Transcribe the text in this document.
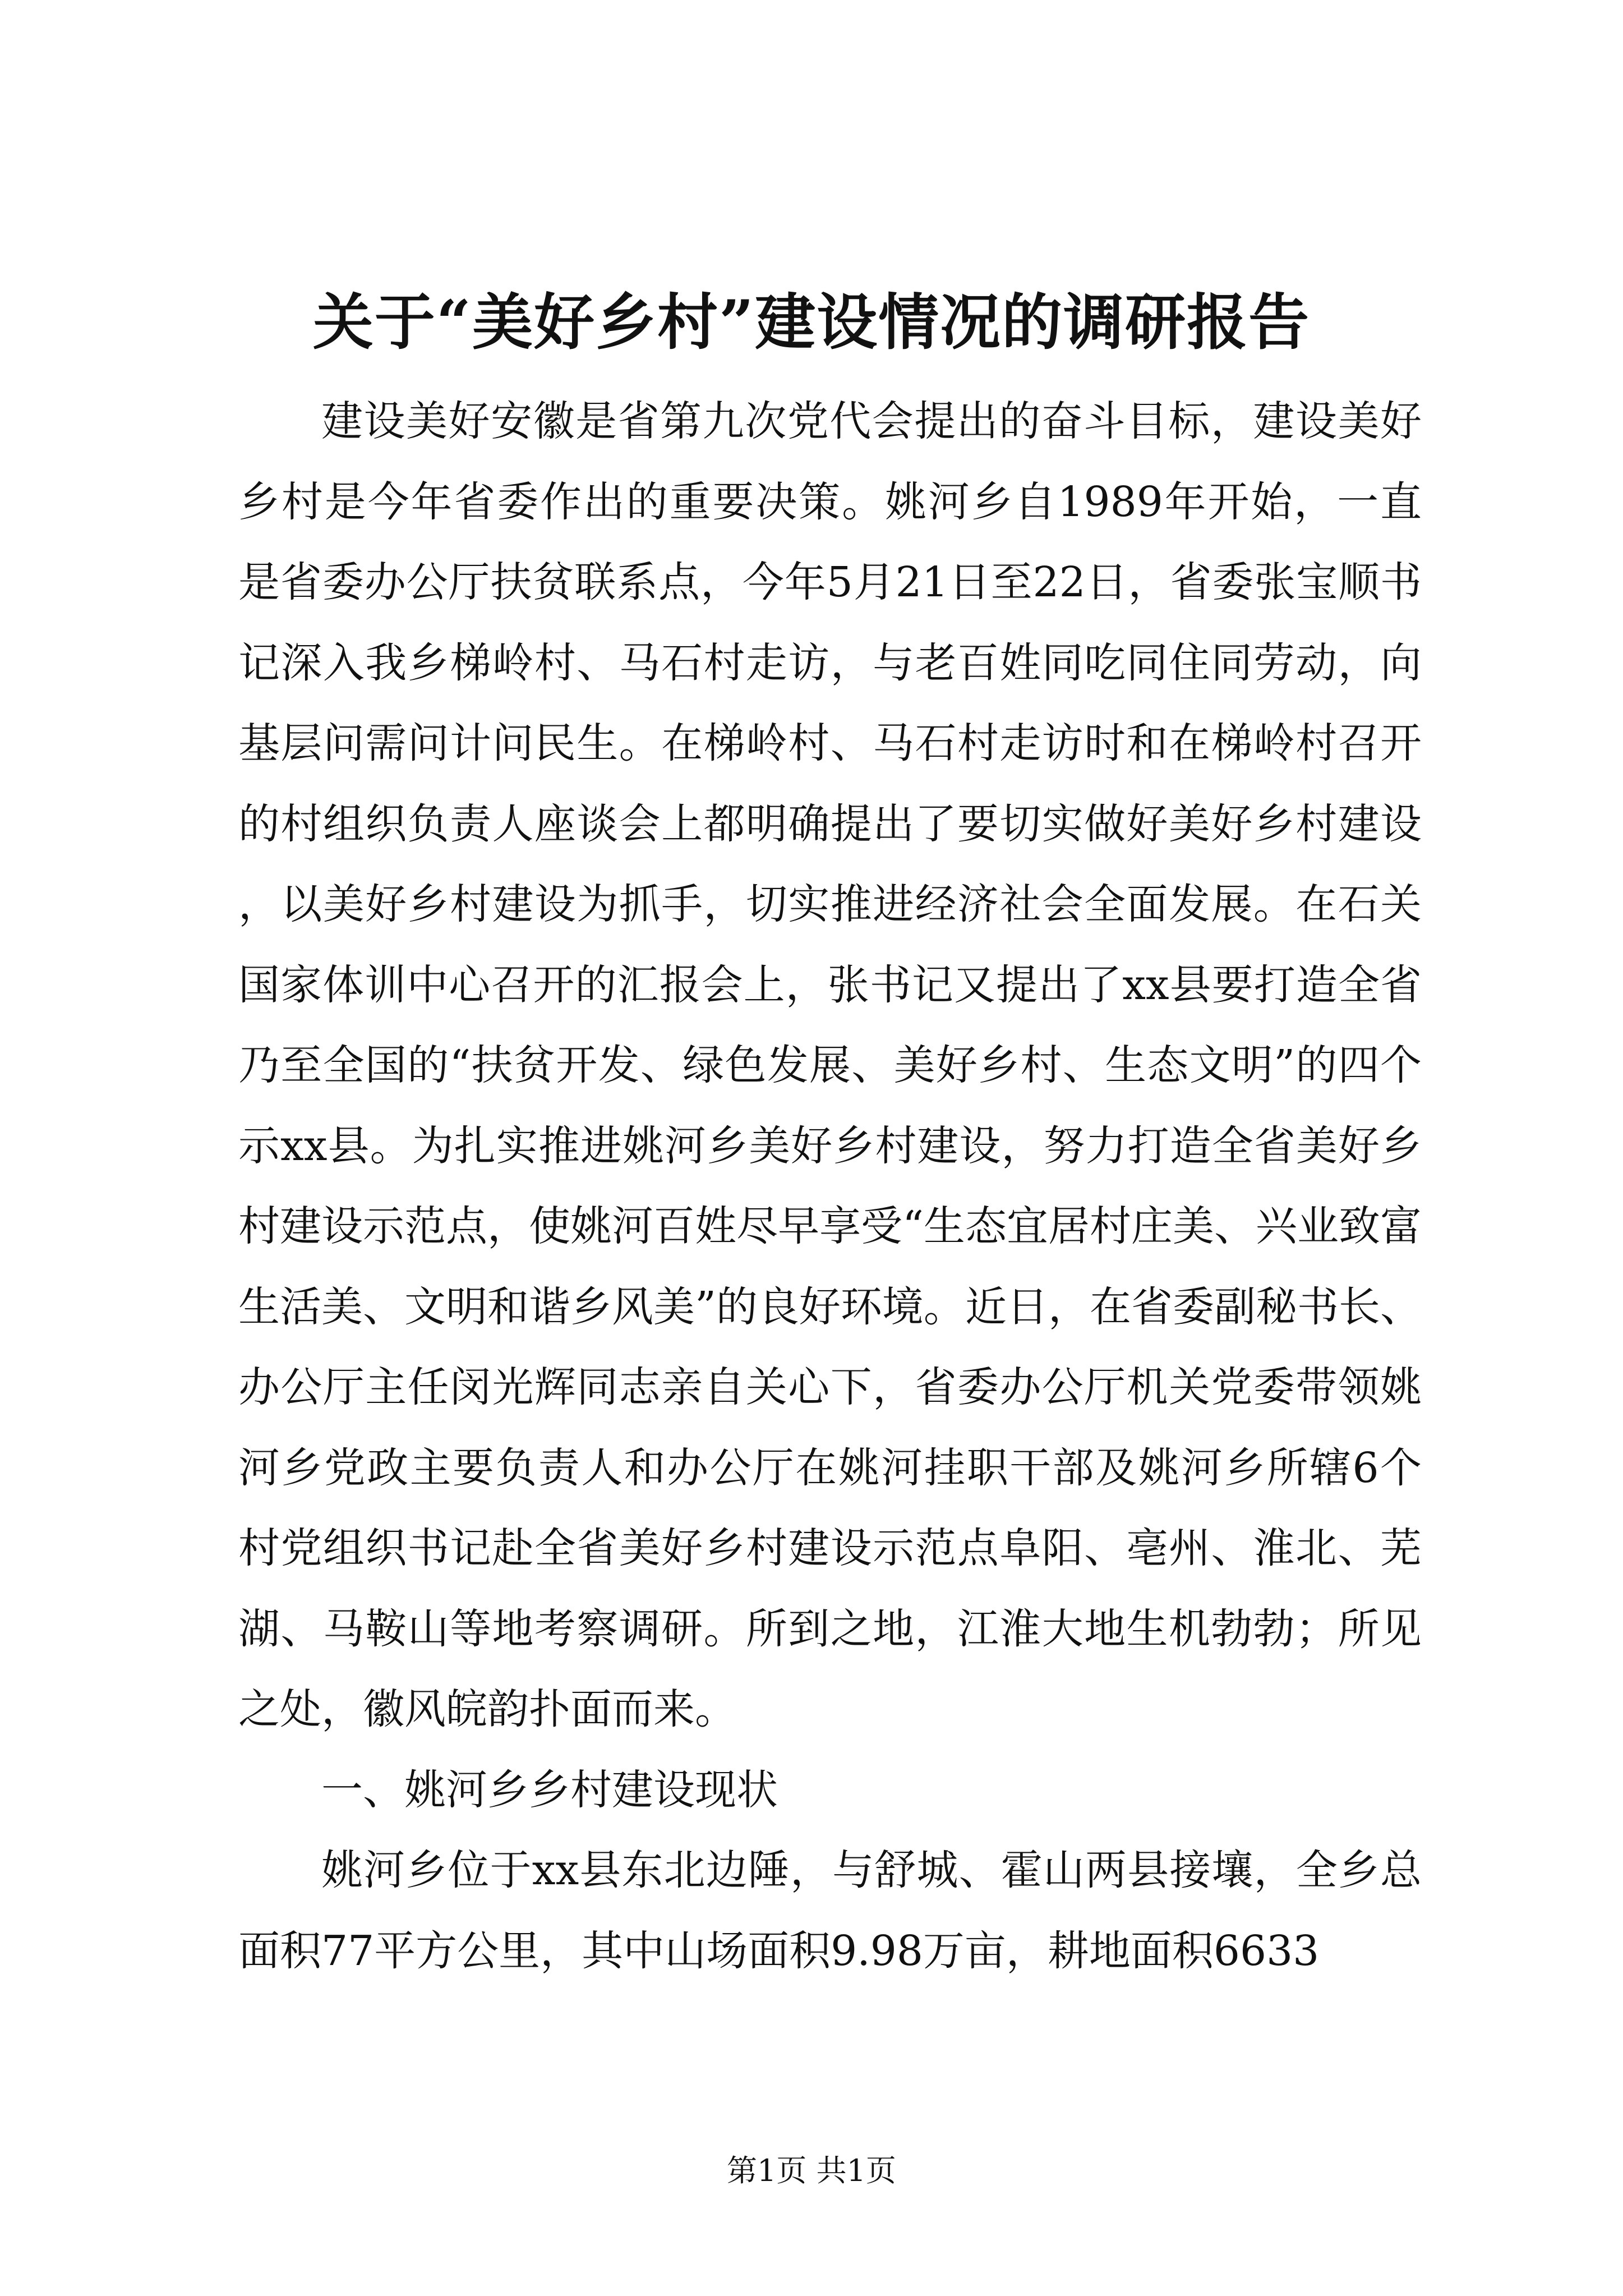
关于“美好乡村”建设情况的调研报告

建设美好安徽是省第九次党代会提出的奋斗目标，建设美好乡村是今年省委作出的重要决策。姚河乡自1989年开始，一直是省委办公厅扶贫联系点，今年5月21日至22日，省委张宝顺书记深入我乡梯岭村、马石村走访，与老百姓同吃同住同劳动，向基层问需问计问民生。在梯岭村、马石村走访时和在梯岭村召开的村组织负责人座谈会上都明确提出了要切实做好美好乡村建设，以美好乡村建设为抓手，切实推进经济社会全面发展。在石关国家体训中心召开的汇报会上，张书记又提出了xx县要打造全省乃至全国的“扶贫开发、绿色发展、美好乡村、生态文明”的四个示xx县。为扎实推进姚河乡美好乡村建设，努力打造全省美好乡村建设示范点，使姚河百姓尽早享受“生态宜居村庄美、兴业致富生活美、文明和谐乡风美”的良好环境。近日，在省委副秘书长、办公厅主任闵光辉同志亲自关心下，省委办公厅机关党委带领姚河乡党政主要负责人和办公厅在姚河挂职干部及姚河乡所辖6个村党组织书记赴全省美好乡村建设示范点阜阳、亳州、淮北、芜湖、马鞍山等地考察调研。所到之地，江淮大地生机勃勃；所见之处，徽风皖韵扑面而来。

一、姚河乡乡村建设现状

姚河乡位于xx县东北边陲，与舒城、霍山两县接壤，全乡总面积77平方公里，其中山场面积9.98万亩，耕地面积6633

第1页 共1页
